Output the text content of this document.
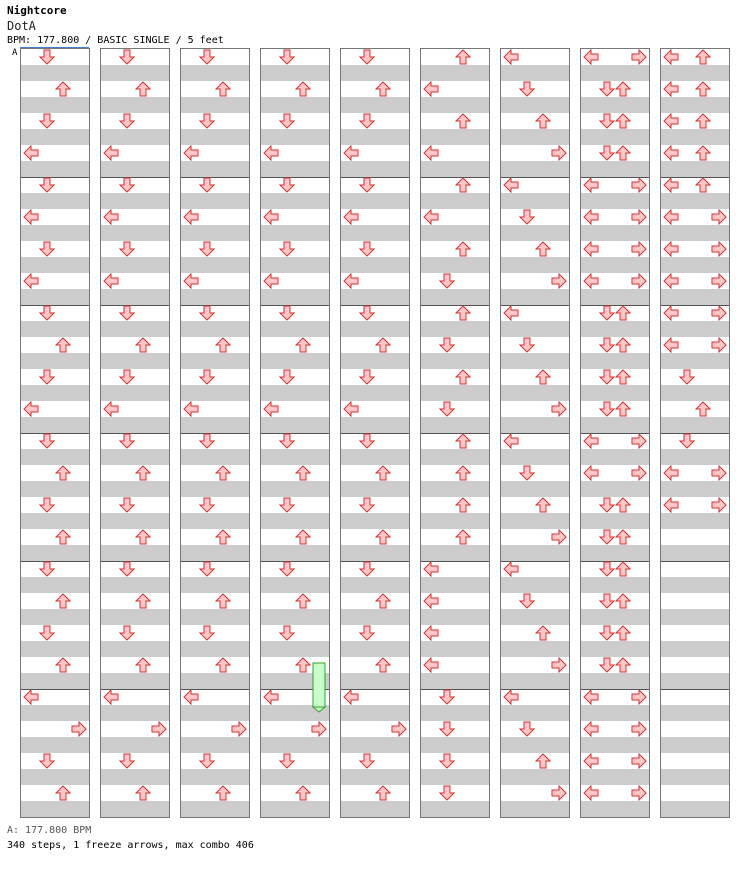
Nightcore
DotA
BPM: 177.800 / BASIC SINGLE / 5 feet
A
A: 177.800 BPM
340 steps, 1 freeze arrows, max combo 406
